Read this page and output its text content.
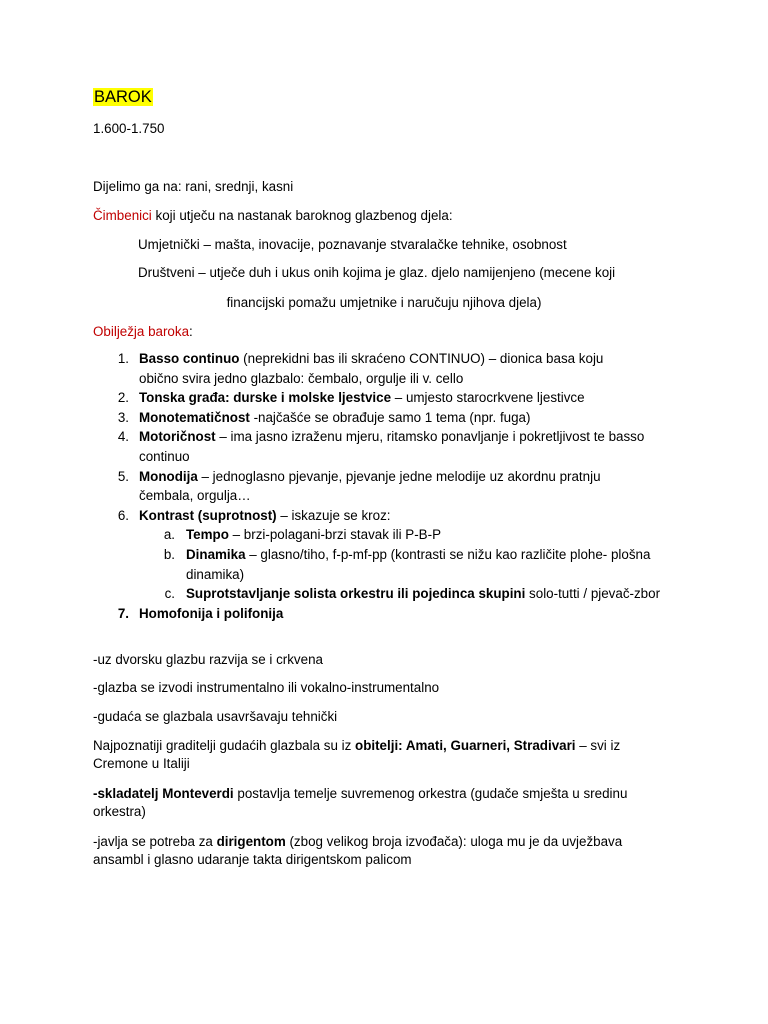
BAROK
1.600-1.750
Dijelimo ga na: rani, srednji, kasni
Čimbenici koji utječu na nastanak baroknog glazbenog djela:
Umjetnički – mašta, inovacije, poznavanje stvaralačke tehnike, osobnost
Društveni – utječe duh i ukus onih kojima je glaz. djelo namijenjeno (mecene koji
financijski pomažu umjetnike i naručuju njihova djela)
Obilježja baroka:
1. Basso continuo (neprekidni bas ili skraćeno CONTINUO) – dionica basa koju obično svira jedno glazbalo: čembalo, orgulje ili v. cello
2. Tonska građa: durske i molske ljestvice – umjesto starocrkvene ljestivce
3. Monotematičnost -najčašće se obrađuje samo 1 tema (npr. fuga)
4. Motoričnost – ima jasno izraženu mjeru, ritamsko ponavljanje i pokretljivost te basso continuo
5. Monodija – jednoglasno pjevanje, pjevanje jedne melodije uz akordnu pratnju čembala, orgulja…
6. Kontrast (suprotnost) – iskazuje se kroz:
a. Tempo – brzi-polagani-brzi stavak ili P-B-P
b. Dinamika – glasno/tiho, f-p-mf-pp (kontrasti se nižu kao različite plohe- plošna dinamika)
c. Suprotstavljanje solista orkestru ili pojedinca skupini solo-tutti / pjevač-zbor
7. Homofonija i polifonija
-uz dvorsku glazbu razvija se i crkvena
-glazba se izvodi instrumentalno ili vokalno-instrumentalno
-gudaća se glazbala usavršavaju tehnički
Najpoznatiji graditelji gudaćih glazbala su iz obitelji: Amati, Guarneri, Stradivari – svi iz Cremone u Italiji
-skladatelj Monteverdi postavlja temelje suvremenog orkestra (gudače smješta u sredinu orkestra)
-javlja se potreba za dirigentom (zbog velikog broja izvođača): uloga mu je da uvježbava ansambl i glasno udaranje takta dirigentskom palicom
